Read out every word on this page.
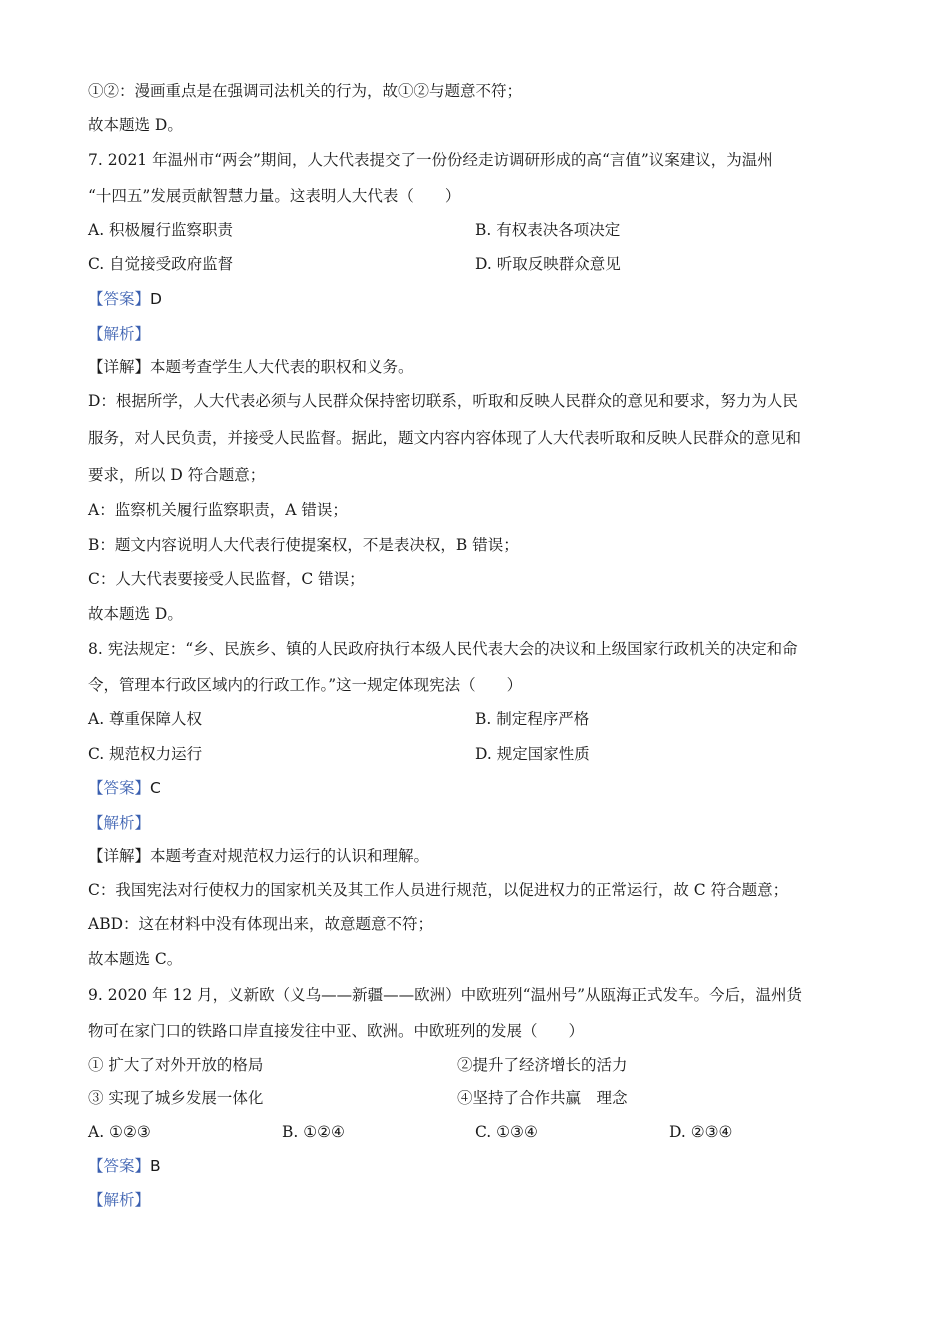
①②：漫画重点是在强调司法机关的行为，故①②与题意不符；
故本题选 D。
7. 2021 年温州市“两会”期间，人大代表提交了一份份经走访调研形成的高“言值”议案建议，为温州
“十四五”发展贡献智慧力量。这表明人大代表（　　）
A. 积极履行监察职责	B. 有权表决各项决定
C. 自觉接受政府监督	D. 听取反映群众意见
【答案】D
【解析】
【详解】本题考查学生人大代表的职权和义务。
D：根据所学，人大代表必须与人民群众保持密切联系，听取和反映人民群众的意见和要求，努力为人民
服务，对人民负责，并接受人民监督。据此，题文内容内容体现了人大代表听取和反映人民群众的意见和
要求，所以 D 符合题意；
A：监察机关履行监察职责，A 错误；
B：题文内容说明人大代表行使提案权，不是表决权，B 错误；
C：人大代表要接受人民监督，C 错误；
故本题选 D。
8. 宪法规定：“乡、民族乡、镇的人民政府执行本级人民代表大会的决议和上级国家行政机关的决定和命
令，管理本行政区域内的行政工作。”这一规定体现宪法（　　）
A. 尊重保障人权	B. 制定程序严格
C. 规范权力运行	D. 规定国家性质
【答案】C
【解析】
【详解】本题考查对规范权力运行的认识和理解。
C：我国宪法对行使权力的国家机关及其工作人员进行规范，以促进权力的正常运行，故 C 符合题意；
ABD：这在材料中没有体现出来，故意题意不符；
故本题选 C。
9. 2020 年 12 月，义新欧（义乌——新疆——欧洲）中欧班列“温州号”从瓯海正式发车。今后，温州货
物可在家门口的铁路口岸直接发往中亚、欧洲。中欧班列的发展（　　）
① 扩大了对外开放的格局	②提升了经济增长的活力
③ 实现了城乡发展一体化	④坚持了合作共赢　理念
A. ①②③	B. ①②④	C. ①③④	D. ②③④
【答案】B
【解析】
